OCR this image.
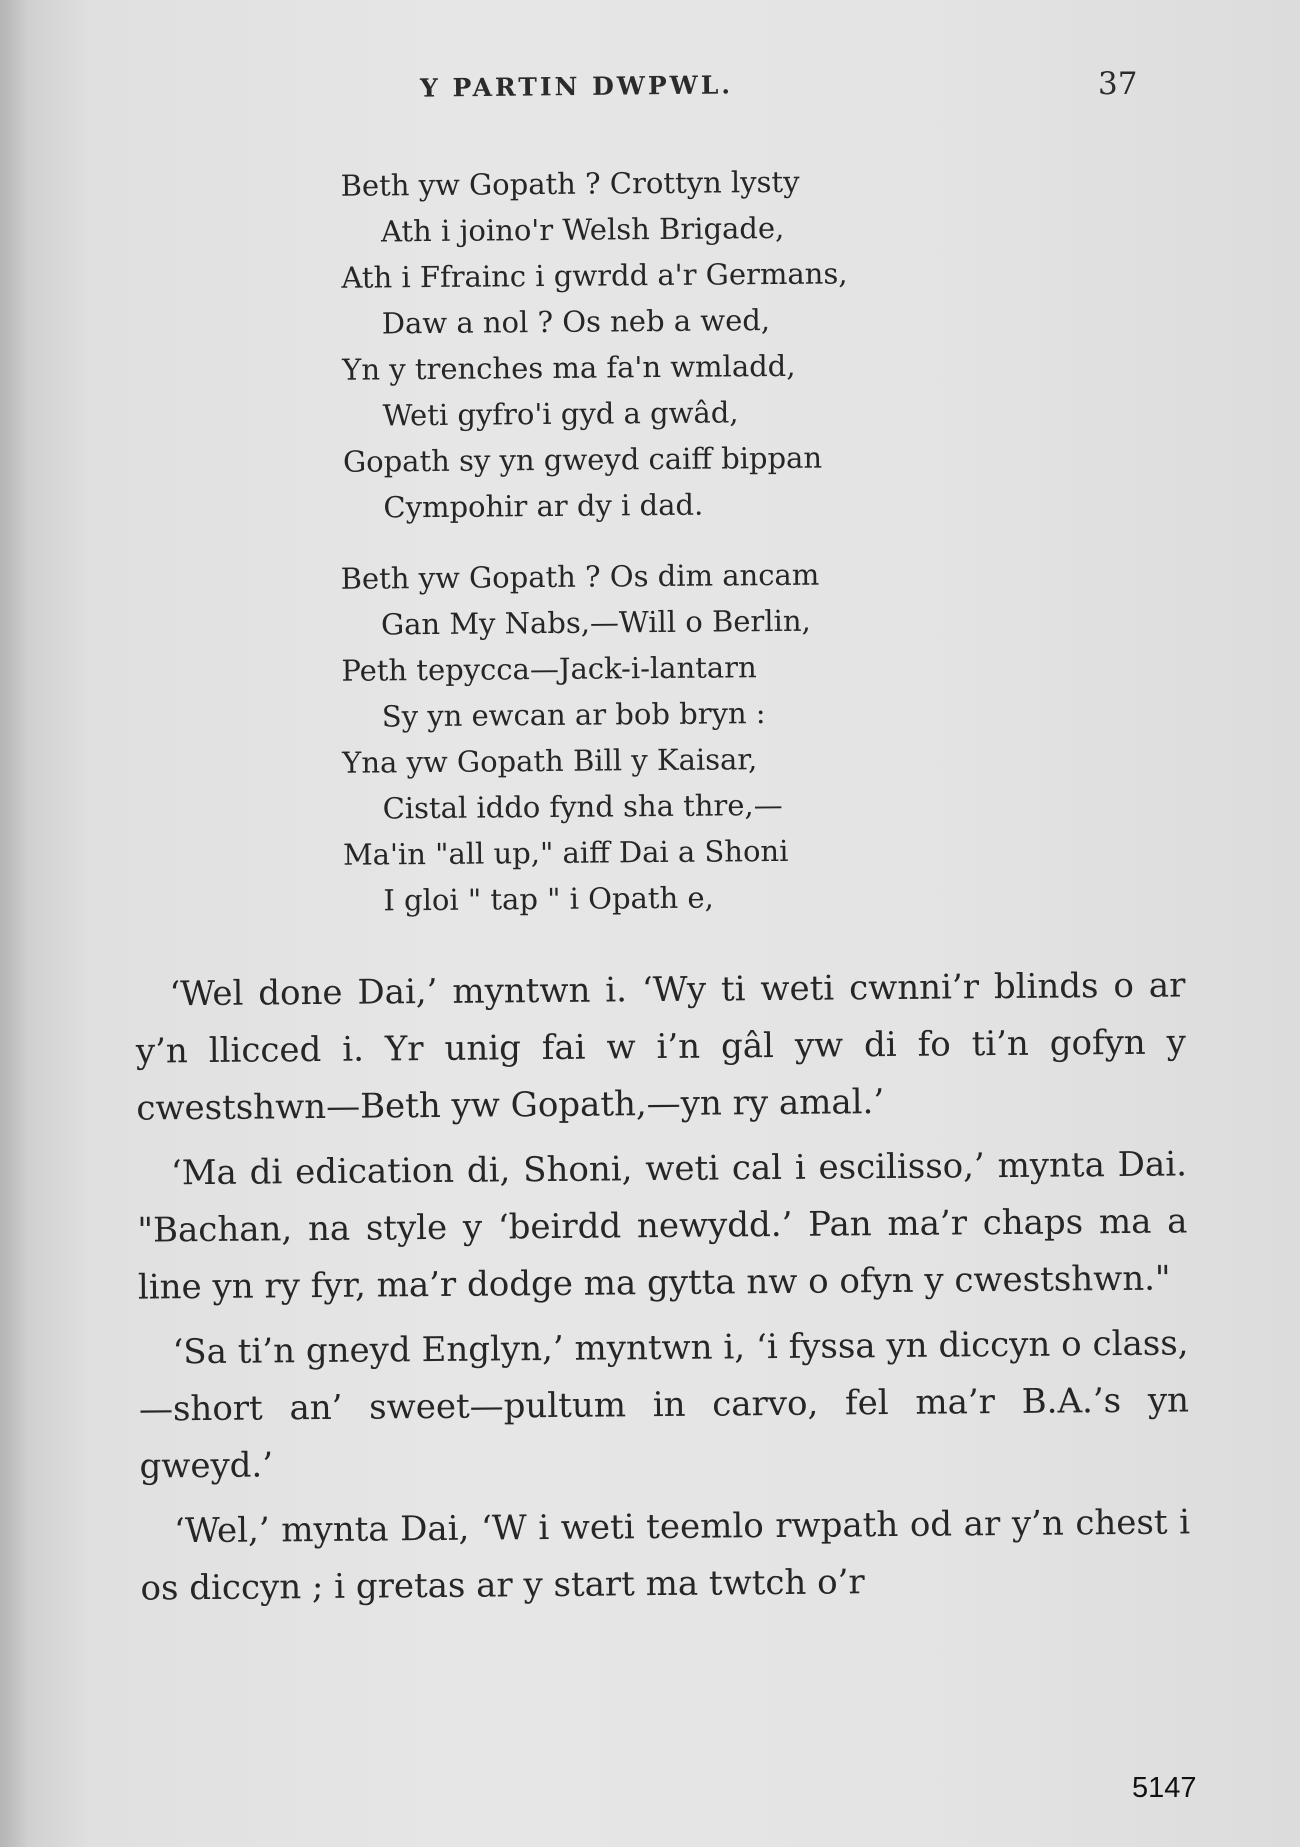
Y PARTIN DWPWL.	37
Beth yw Gopath ? Crottyn lysty
Ath i joino'r Welsh Brigade,
Ath i Ffrainc i gwrdd a'r Germans,
Daw a nol ? Os neb a wed,
Yn y trenches ma fa'n wmladd,
Weti gyfro'i gyd a gwâd,
Gopath sy yn gweyd caiff bippan
Cympohir ar dy i dad.
Beth yw Gopath ? Os dim ancam
Gan My Nabs,—Will o Berlin,
Peth tepycca—Jack-i-lantarn
Sy yn ewcan ar bob bryn :
Yna yw Gopath Bill y Kaisar,
Cistal iddo fynd sha thre,—
Ma'in "all up," aiff Dai a Shoni
I gloi " tap " i Opath e,

‘Wel done Dai,’ myntwn i. ‘Wy ti weti cwnni’r blinds o ar y’n llicced i. Yr unig fai w i’n gâl yw di fo ti’n gofyn y cwestshwn—Beth yw Gopath,—yn ry amal.’

‘Ma di edication di, Shoni, weti cal i escilisso,’ mynta Dai. "Bachan, na style y ‘beirdd newydd.’ Pan ma’r chaps ma a line yn ry fyr, ma’r dodge ma gytta nw o ofyn y cwestshwn."

‘Sa ti’n gneyd Englyn,’ myntwn i, ‘i fyssa yn diccyn o class,—short an’ sweet—pultum in carvo, fel ma’r B.A.’s yn gweyd.’

‘Wel,’ mynta Dai, ‘W i weti teemlo rwpath od ar y’n chest i os diccyn ; i gretas ar y start ma twtch o’r

5147
